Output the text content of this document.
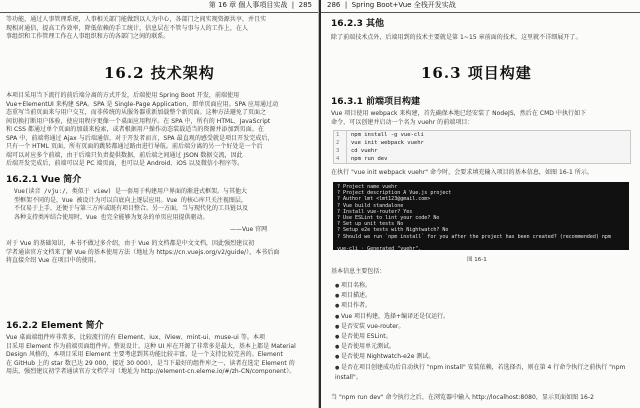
第 16 章 個人事項目实战  |  285
等功能，通过人事管理系统，人事相关部门能做到以人为中心，各部门之间实现资源共享，并且实
现相对通信，提高工作效率，降低依赖的手工统计，信息层在不管与事与人的工作上，在人
事组织和工作管理工作在人事组织和方的各部门之间的联系。
16.2 技术架构
本项目采用当下流行的前后端分离的方式开发，后端使用 Spring Boot 开发，前端使用
Vue+ElementUI 来构建 SPA。SPA 是 Single-Page Application，即单页面应用。SPA 应用通过动
态重写当前页面来与用户交互，而非传统的从服务器重新加载整个新页面。这种方法避免了页面之
间切换打断用户体验，使应用程序更像一个桌面应用程序。在 SPA 中，所有的 HTML、JavaScript
和 CSS 都通过单个页面的加载来检索，或者根据用户操作动态装载适当的资源并添加到页面。在
SPA 中，前端将通过 Ajax 与后端通信，对于开发者而言，SPA 最直观的感受就是项目开发完成后，
只有一个 HTML 页面，所有页面的跳转都通过路由进行导航。前后端分离的另一个好处是一个后
端可以对应多个前端，由于后端只负责提供数据，前后端之间通过 JSON 数据交流，因此
后端开发完成后，前端可以是 PC 端页面，也可以是 Android、iOS 以及微信小程序等。
16.2.1 Vue 简介
Vue(读音 /vjuː/，类似于 view) 是一套用于构建用户界面的渐进式框架。与其他大
型框架不同的是，Vue 被设计为可以自底向上逐层应用。Vue 的核心库只关注视图层，
不仅易于上手，还便于与第三方库或既有项目整合。另一方面，当与现代化的工具链以及
各种支持类库结合使用时，Vue 也完全能够为复杂的单页应用提供驱动。
——Vue 官网
对于 Vue 的基础知识，本书不做过多介绍，由于 Vue 的文档都是中文文档，因此强烈建议初
学者通读官方文档来了解 Vue 的基本使用方法（地址为 https://cn.vuejs.org/v2/guide/），本书后面
将直接介绍 Vue 在项目中的使用。
16.2.2 Element 简介
Vue 桌面端组件库非常多，比较流行的有 Element、iux、iView、mint-ui、muse-ui 等。本项
目采用 Element 作为前端页面组件库。整说设计，这种 UI 库在开源了非常多是最大，基本上都是 Material
Design 风格的，本项目采用 Element 主要考虑到其功能比较丰富，是一个支持比较完善的。Element
在 GitHub 上的 star 数已达 29 000，接近 30 000），是当下最好的组件库之一，读者在选定 Element 的
用法，强烈建议初学者通读官方文档学习（地址为 http://element-cn.eleme.io/#/zh-CN/component）。
286  |  Spring Boot+Vue 全栈开发实战
16.2.3 其他
除了前端技术点外，后端用到的技术主要就是第 1~15 章前面的技术，这里就不详细展开了。
16.3 项目构建
16.3.1 前端项目构建
Vue 项目使用 webpack 来构建，首先确保本地已经安装了 NodeJS，然后在 CMD 中执行如下
命令，可以创建并启动一个名为 vuehr 的前端项目：
1 npm install -g vue-cli
2 vue init webpack vuehr
3 cd vuehr
4 npm run dev
在执行 "vue init webpack vuehr" 命令时，会要求填充输入项目的基本信息，如图 16-1 所示。
? Project name vuehr
? Project description A Vue.js project
? Author lmt <lmt123@gmail.com>
? Vue build standalone
? Install vue-router? Yes
? Use ESLint to lint your code? No
? Set up unit tests No
? Setup e2e tests with Nightwatch? No
? Should we run `npm install` for you after the project has been created? (recommended) npm

vue-cli · Generated "vuehr".
图 16-1
基本信息主要包括：
● 项目名称。
● 项目描述。
● 项目作者。
● Vue 项目构建，选择+编译还是仅运行。
● 是否安装 vue-router。
● 是否使用 ESLint。
● 是否使用单元测试。
● 是否使用 Nightwatch-e2e 测试。
● 是否在项目创建成功后自动执行 "npm install" 安装依赖，若选择否，则在第 4 行命令执行之前执行 "npm install"。
当 "npm run dev" 命令执行之后，在浏览器中输入 http://localhost:8080，显示页面如图 16-2
